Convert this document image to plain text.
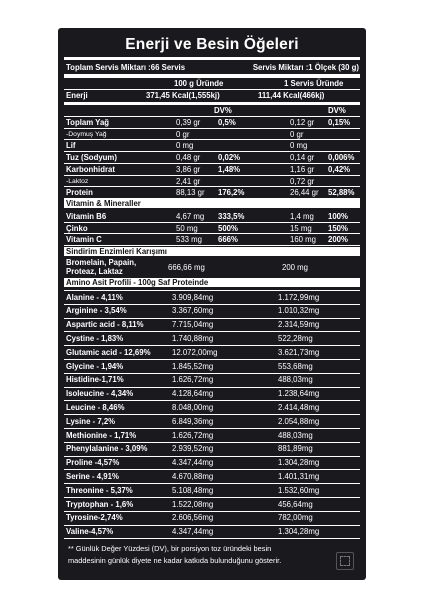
Enerji ve Besin Öğeleri
Toplam Servis Miktarı :66 Servis	Servis Miktarı :1 Ölçek (30 g)
100 g Üründe	1 Servis Üründe
Enerji	371,45 Kcal(1,555kj)	111,44 Kcal(466kj)
DV%	DV%
Toplam Yağ	0,39 gr 0,5%	0,12 gr 0,15%
-Doymuş Yağ	0 gr	0 gr
Lif	0 mg	0 mg
Tuz (Sodyum)	0,48 gr 0,02%	0,14 gr 0,006%
Karbonhidrat	3,86 gr 1,48%	1,16 gr 0,42%
-Laktoz	2,41 gr	0,72 gr
Protein	88,13 gr 176,2%	26,44 gr 52,88%
Vitamin & Mineraller
Vitamin B6	4,67 mg 333,5%	1,4 mg 100%
Çinko	50 mg	500%	15 mg 150%
Vitamin C	533 mg 666%	160 mg 200%
Sindirim Enzimleri Karışımı
Bromelain, Papain,
Proteaz, Laktaz	666,66 mg	200 mg
Amino Asit Profili - 100g Saf Proteinde
Alanine - 4,11%	3.909,84mg	1.172,99mg
Arginine - 3,54%	3.367,60mg	1.010,32mg
Aspartic acid - 8,11%	7.715,04mg	2.314,59mg
Cystine - 1,83%	1.740,88mg	522,28mg
Glutamic acid - 12,69%	12.072,00mg	3.621,73mg
Glycine - 1,94%	1.845,52mg	553,68mg
Histidine-1,71%	1.626,72mg	488,03mg
Isoleucine - 4,34%	4.128,64mg	1.238,64mg
Leucine - 8,46%	8.048,00mg	2.414,48mg
Lysine - 7,2%	6.849,36mg	2.054,88mg
Methionine - 1,71%	1.626,72mg	488,03mg
Phenylalanine - 3,09%	2.939,52mg	881,89mg
Proline -4,57%	4.347,44mg	1.304,28mg
Serine - 4,91%	4.670,88mg	1.401,31mg
Threonine - 5,37%	5.108,48mg	1.532,60mg
Tryptophan - 1,6%	1.522,08mg	456,64mg
Tyrosine-2,74%	2.606,56mg	782,00mg
Valine-4,57%	4.347,44mg	1.304,28mg
** Günlük Değer Yüzdesi (DV), bir porsiyon toz üründeki besin
maddesinin günlük diyete ne kadar katkıda bulunduğunu gösterir.
